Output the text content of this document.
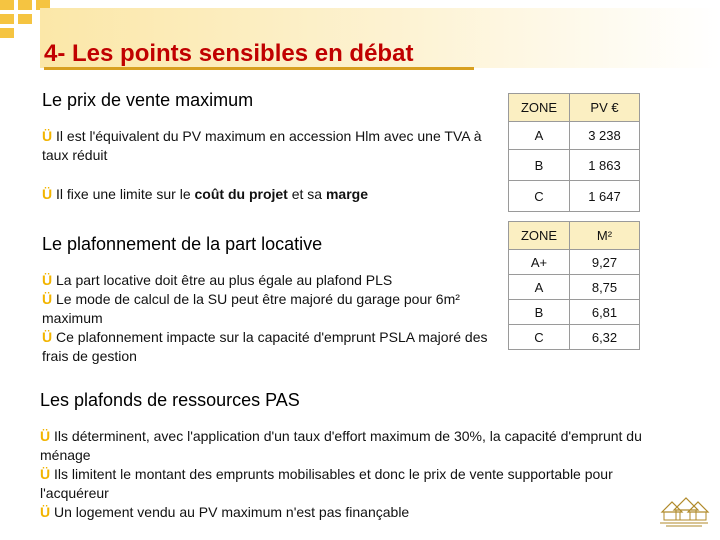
4- Les points sensibles en débat
Le prix de vente maximum
Ü Il est l'équivalent du PV maximum en accession Hlm avec une TVA à taux réduit
Ü Il fixe une limite sur le coût du projet et sa marge
Le plafonnement de la part locative
Ü La part locative doit être au plus égale au plafond PLS
Ü Le mode de calcul de la SU peut être majoré du garage pour 6m² maximum
Ü Ce plafonnement impacte sur la capacité d'emprunt PSLA majoré des frais de gestion
ZONE	PV €
A	3 238
B	1 863
C	1 647
ZONE	M²
A+	9,27
A	8,75
B	6,81
C	6,32
Les plafonds de ressources PAS
Ü Ils déterminent, avec l'application d'un taux d'effort maximum de 30%, la capacité d'emprunt du ménage
Ü Ils limitent le montant des emprunts mobilisables et donc le prix de vente supportable pour l'acquéreur
Ü Un logement vendu au PV maximum n'est pas finançable
